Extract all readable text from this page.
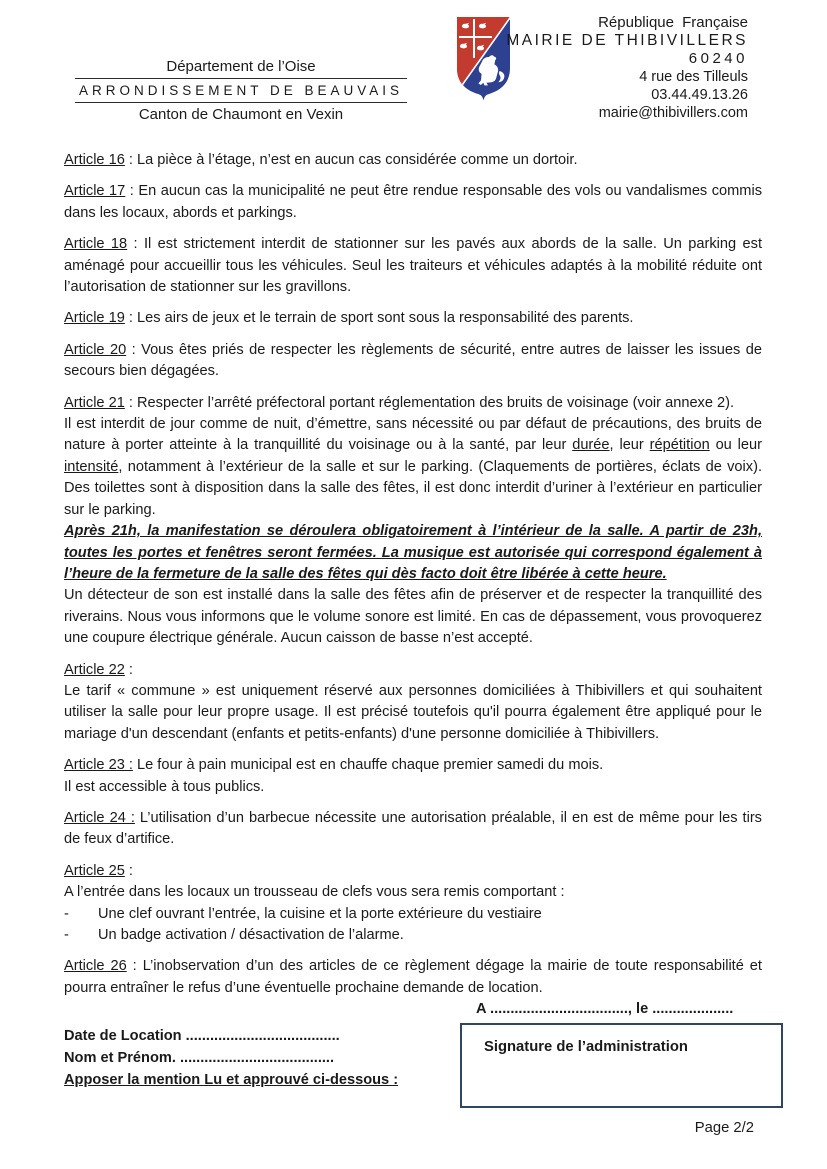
Département de l’Oise
ARRONDISSEMENT DE BEAUVAIS
Canton de Chaumont en Vexin
République Française
MAIRIE DE THIBIVILLERS
60240
4 rue des Tilleuls
03.44.49.13.26
mairie@thibivillers.com

Article 16 : La pièce à l’étage, n’est en aucun cas considérée comme un dortoir.

Article 17 : En aucun cas la municipalité ne peut être rendue responsable des vols ou vandalismes commis dans les locaux, abords et parkings.

Article 18 : Il est strictement interdit de stationner sur les pavés aux abords de la salle. Un parking est aménagé pour accueillir tous les véhicules. Seul les traiteurs et véhicules adaptés à la mobilité réduite ont l’autorisation de stationner sur les gravillons.

Article 19 : Les airs de jeux et le terrain de sport sont sous la responsabilité des parents.

Article 20 : Vous êtes priés de respecter les règlements de sécurité, entre autres de laisser les issues de secours bien dégagées.

Article 21 : Respecter l’arrêté préfectoral portant réglementation des bruits de voisinage (voir annexe 2).

Il est interdit de jour comme de nuit, d’émettre, sans nécessité ou par défaut de précautions, des bruits de nature à porter atteinte à la tranquillité du voisinage ou à la santé, par leur durée, leur répétition ou leur intensité, notamment à l’extérieur de la salle et sur le parking. (Claquements de portières, éclats de voix). Des toilettes sont à disposition dans la salle des fêtes, il est donc interdit d’uriner à l’extérieur en particulier sur le parking.

Après 21h, la manifestation se déroulera obligatoirement à l’intérieur de la salle. A partir de 23h, toutes les portes et fenêtres seront fermées. La musique est autorisée qui correspond également à l’heure de la fermeture de la salle des fêtes qui dès facto doit être libérée à cette heure.

Un détecteur de son est installé dans la salle des fêtes afin de préserver et de respecter la tranquillité des riverains. Nous vous informons que le volume sonore est limité. En cas de dépassement, vous provoquerez une coupure électrique générale. Aucun caisson de basse n’est accepté.

Article 22 :

Le tarif « commune » est uniquement réservé aux personnes domiciliées à Thibivillers et qui souhaitent utiliser la salle pour leur propre usage. Il est précisé toutefois qu'il pourra également être appliqué pour le mariage d'un descendant (enfants et petits-enfants) d'une personne domiciliée à Thibivillers.

Article 23 : Le four à pain municipal est en chauffe chaque premier samedi du mois.

Il est accessible à tous publics.

Article 24 : L’utilisation d’un barbecue nécessite une autorisation préalable, il en est de même pour les tirs de feux d’artifice.

Article 25 :

A l’entrée dans les locaux un trousseau de clefs vous sera remis comportant :

-	Une clef ouvrant l’entrée, la cuisine et la porte extérieure du vestiaire
-	Un badge activation / désactivation de l’alarme.

Article 26 : L’inobservation d’un des articles de ce règlement dégage la mairie de toute responsabilité et pourra entraîner le refus d’une éventuelle prochaine demande de location.

A .................................., le ....................

Date de Location ......................................
Nom et Prénom. ......................................
Apposer la mention Lu et approuvé ci-dessous :
Signature de l’administration
Page 2/2
